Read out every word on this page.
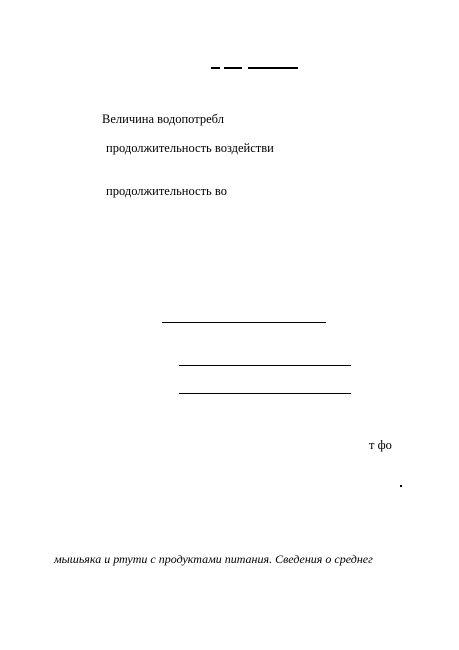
Величина водопотребл
продолжительность воздействи
продолжительность во
т фо
мышьяка и ртути с продуктами питания. Сведения о среднег
